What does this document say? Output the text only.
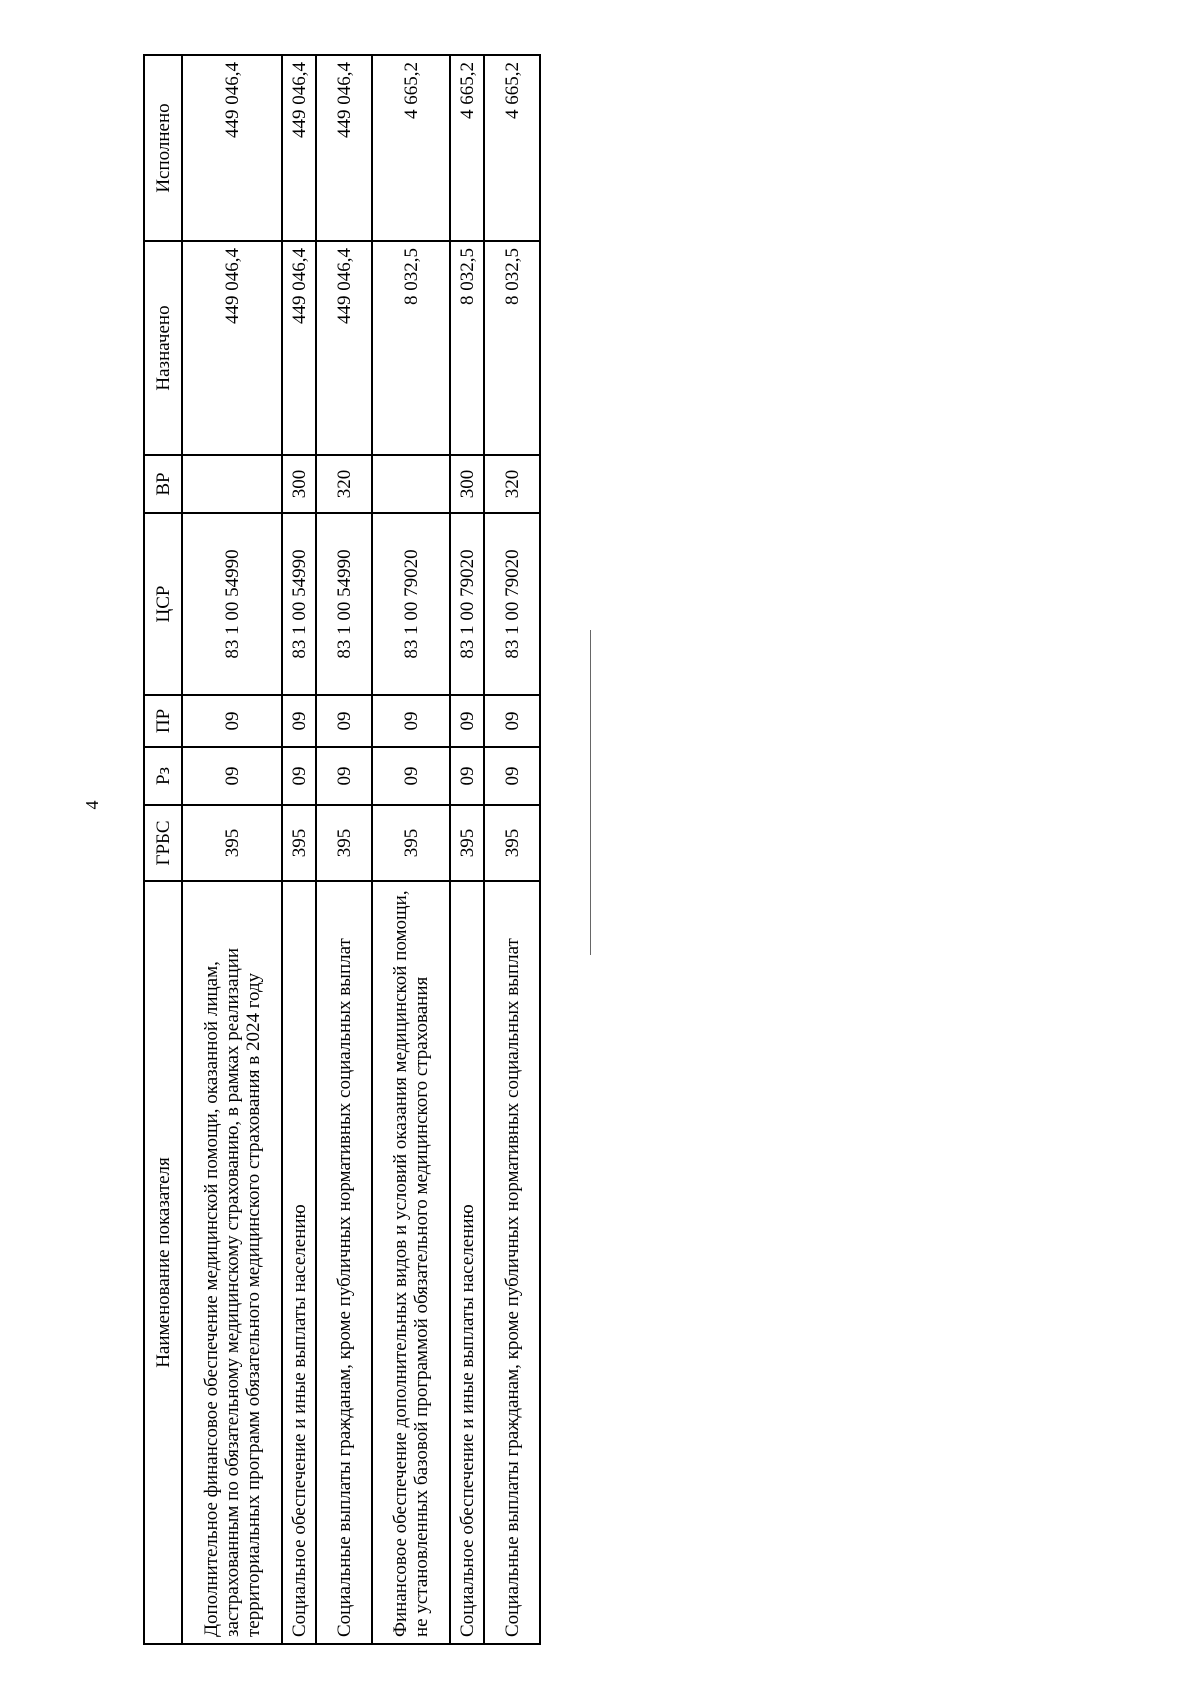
4
Наименование показателя	ГРБС	Рз	ПР	ЦСР	ВР	Назначено	Исполнено
Дополнительное финансовое обеспечение медицинской помощи, оказанной лицам, застрахованным по обязательному медицинскому страхованию, в рамках реализации территориальных программ обязательного медицинского страхования в 2024 году	395	09	09	83 1 00 54990		449 046,4	449 046,4
Социальное обеспечение и иные выплаты населению	395	09	09	83 1 00 54990	300	449 046,4	449 046,4
Социальные выплаты гражданам, кроме публичных нормативных социальных выплат	395	09	09	83 1 00 54990	320	449 046,4	449 046,4
Финансовое обеспечение дополнительных видов и условий оказания медицинской помощи, не установленных базовой программой обязательного медицинского страхования	395	09	09	83 1 00 79020		8 032,5	4 665,2
Социальное обеспечение и иные выплаты населению	395	09	09	83 1 00 79020	300	8 032,5	4 665,2
Социальные выплаты гражданам, кроме публичных нормативных социальных выплат	395	09	09	83 1 00 79020	320	8 032,5	4 665,2
